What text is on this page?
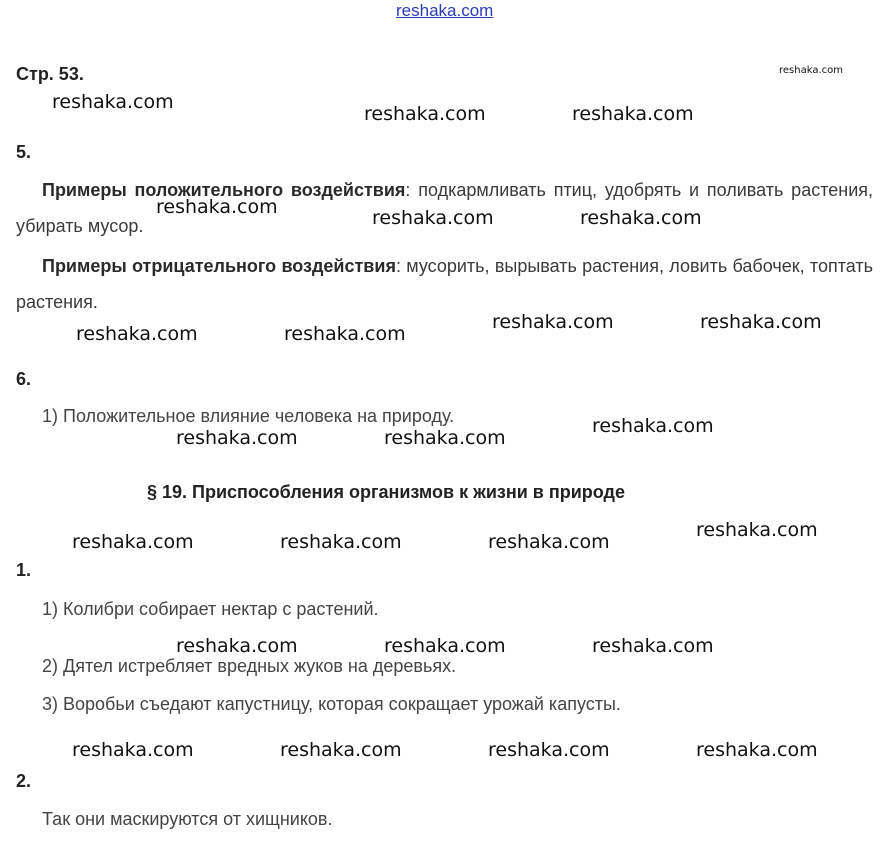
reshaka.com
Стр. 53.
5.
Примеры положительного воздействия: подкармливать птиц, удобрять и поливать растения, убирать мусор.
Примеры отрицательного воздействия: мусорить, вырывать растения, ловить бабочек, топтать растения.
6.
1) Положительное влияние человека на природу.
§ 19. Приспособления организмов к жизни в природе
1.
1) Колибри собирает нектар с растений.
2) Дятел истребляет вредных жуков на деревьях.
3) Воробьи съедают капустницу, которая сокращает урожай капусты.
2.
Так они маскируются от хищников.
reshaka.com
reshaka.com
reshaka.com	reshaka.com
reshaka.com	reshaka.com	reshaka.com
reshaka.com	reshaka.com
reshaka.com	reshaka.com
reshaka.com
reshaka.com	reshaka.com
reshaka.com
reshaka.com	reshaka.com	reshaka.com
reshaka.com	reshaka.com	reshaka.com
reshaka.com	reshaka.com	reshaka.com	reshaka.com
